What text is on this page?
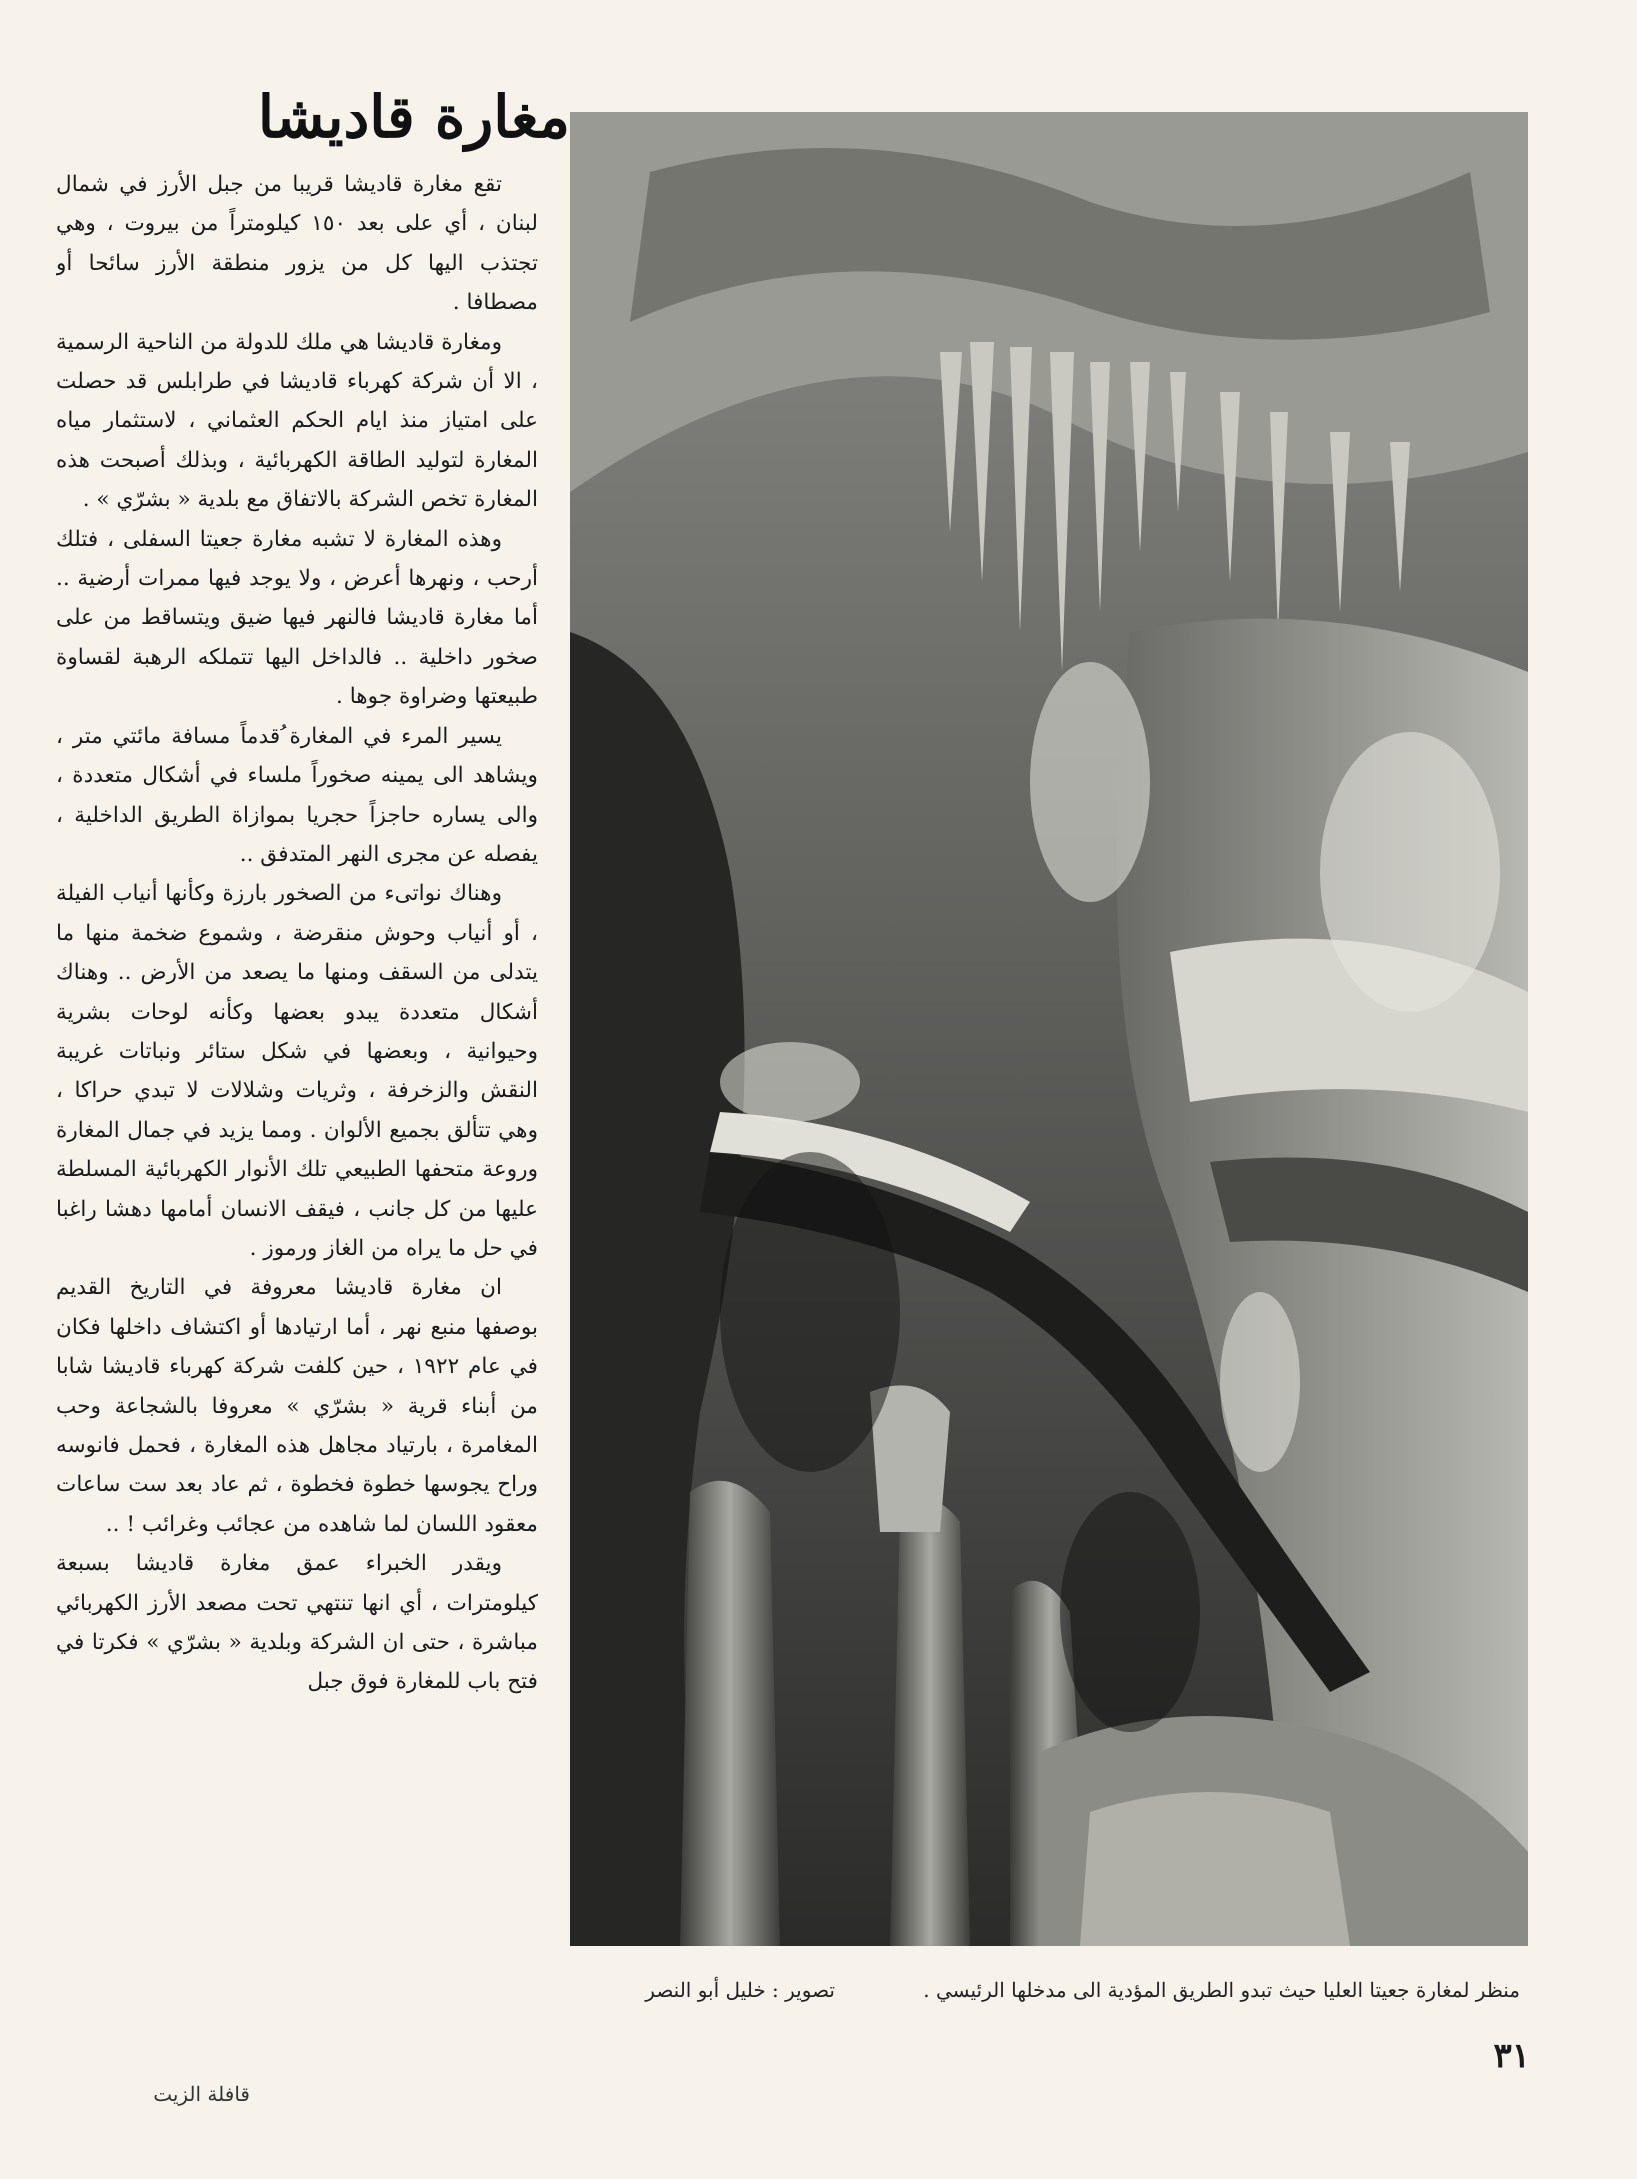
مغارة قاديشا

تقع مغارة قاديشا قريبا من جبل الأرز في شمال لبنان ، أي على بعد ١٥٠ كيلومتراً من بيروت ، وهي تجتذب اليها كل من يزور منطقة الأرز سائحا أو مصطافا .

ومغارة قاديشا هي ملك للدولة من الناحية الرسمية ، الا أن شركة كهرباء قاديشا في طرابلس قد حصلت على امتياز منذ ايام الحكم العثماني ، لاستثمار مياه المغارة لتوليد الطاقة الكهربائية ، وبذلك أصبحت هذه المغارة تخص الشركة بالاتفاق مع بلدية « بشرّي » .

وهذه المغارة لا تشبه مغارة جعيتا السفلى ، فتلك أرحب ، ونهرها أعرض ، ولا يوجد فيها ممرات أرضية .. أما مغارة قاديشا فالنهر فيها ضيق ويتساقط من على صخور داخلية .. فالداخل اليها تتملكه الرهبة لقساوة طبيعتها وضراوة جوها .

يسير المرء في المغارة ُقدماً مسافة مائتي متر ، ويشاهد الى يمينه صخوراً ملساء في أشكال متعددة ، والى يساره حاجزاً حجريا بموازاة الطريق الداخلية ، يفصله عن مجرى النهر المتدفق ..

وهناك نواتىء من الصخور بارزة وكأنها أنياب الفيلة ، أو أنياب وحوش منقرضة ، وشموع ضخمة منها ما يتدلى من السقف ومنها ما يصعد من الأرض .. وهناك أشكال متعددة يبدو بعضها وكأنه لوحات بشرية وحيوانية ، وبعضها في شكل ستائر ونباتات غريبة النقش والزخرفة ، وثريات وشلالات لا تبدي حراكا ، وهي تتألق بجميع الألوان . ومما يزيد في جمال المغارة وروعة متحفها الطبيعي تلك الأنوار الكهربائية المسلطة عليها من كل جانب ، فيقف الانسان أمامها دهشا راغبا في حل ما يراه من الغاز ورموز .

ان مغارة قاديشا معروفة في التاريخ القديم بوصفها منبع نهر ، أما ارتيادها أو اكتشاف داخلها فكان في عام ١٩٢٢ ، حين كلفت شركة كهرباء قاديشا شابا من أبناء قرية « بشرّي » معروفا بالشجاعة وحب المغامرة ، بارتياد مجاهل هذه المغارة ، فحمل فانوسه وراح يجوسها خطوة فخطوة ، ثم عاد بعد ست ساعات معقود اللسان لما شاهده من عجائب وغرائب ! ..

ويقدر الخبراء عمق مغارة قاديشا بسبعة كيلومترات ، أي انها تنتهي تحت مصعد الأرز الكهربائي مباشرة ، حتى ان الشركة وبلدية « بشرّي » فكرتا في فتح باب للمغارة فوق جبل

منظر لمغارة جعيتا العليا حيث تبدو الطريق المؤدية الى مدخلها الرئيسي .
تصوير : خليل أبو النصر
٣١
قافلة الزيت
